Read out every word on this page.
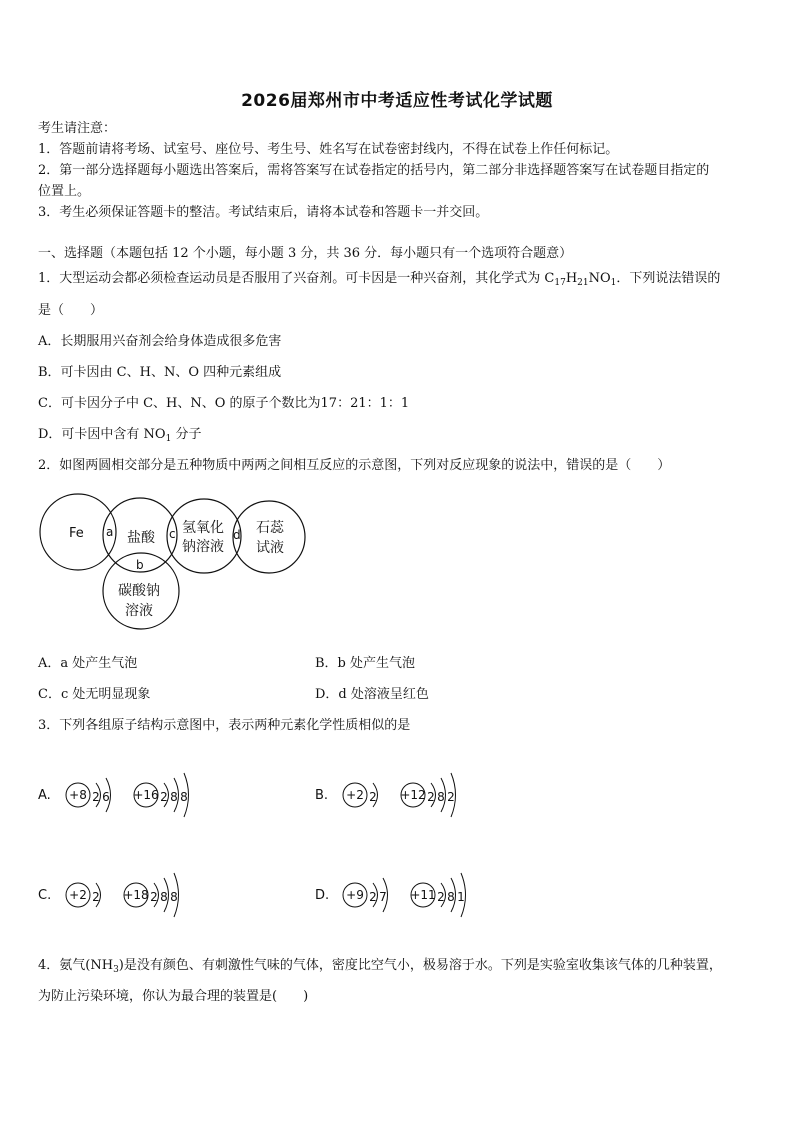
2026届郑州市中考适应性考试化学试题
考生请注意：
1．答题前请将考场、试室号、座位号、考生号、姓名写在试卷密封线内，不得在试卷上作任何标记。
2．第一部分选择题每小题选出答案后，需将答案写在试卷指定的括号内，第二部分非选择题答案写在试卷题目指定的
位置上。
3．考生必须保证答题卡的整洁。考试结束后，请将本试卷和答题卡一并交回。
一、选择题（本题包括 12 个小题，每小题 3 分，共 36 分．每小题只有一个选项符合题意）
1．大型运动会都必须检查运动员是否服用了兴奋剂。可卡因是一种兴奋剂，其化学式为 $C_{17}H_{21}NO_1$．下列说法错误的
是（　　）
A．长期服用兴奋剂会给身体造成很多危害
B．可卡因由 C、H、N、O 四种元素组成
C．可卡因分子中 C、H、N、O 的原子个数比为17：21：1：1
D．可卡因中含有 $NO_1$ 分子
2．如图两圆相交部分是五种物质中两两之间相互反应的示意图，下列对反应现象的说法中，错误的是（　　）
Fe	盐酸
氢氧化
钠溶液
石蕊
试液
碳酸钠
溶液
a
b
c	d
A．a 处产生气泡	B．b 处产生气泡
C．c 处无明显现象	D．d 处溶液呈红色
3．下列各组原子结构示意图中，表示两种元素化学性质相似的是
A. +8 2 6 +16 2 8 8	B. +2 2 +12 2 8 2
C. +2 2 +18 2 8 8	D. +9 2 7 +11 2 8 1
4．氨气$(NH_3)$是没有颜色、有刺激性气味的气体，密度比空气小，极易溶于水。下列是实验室收集该气体的几种装置，
为防止污染环境，你认为最合理的装置是(　　)
